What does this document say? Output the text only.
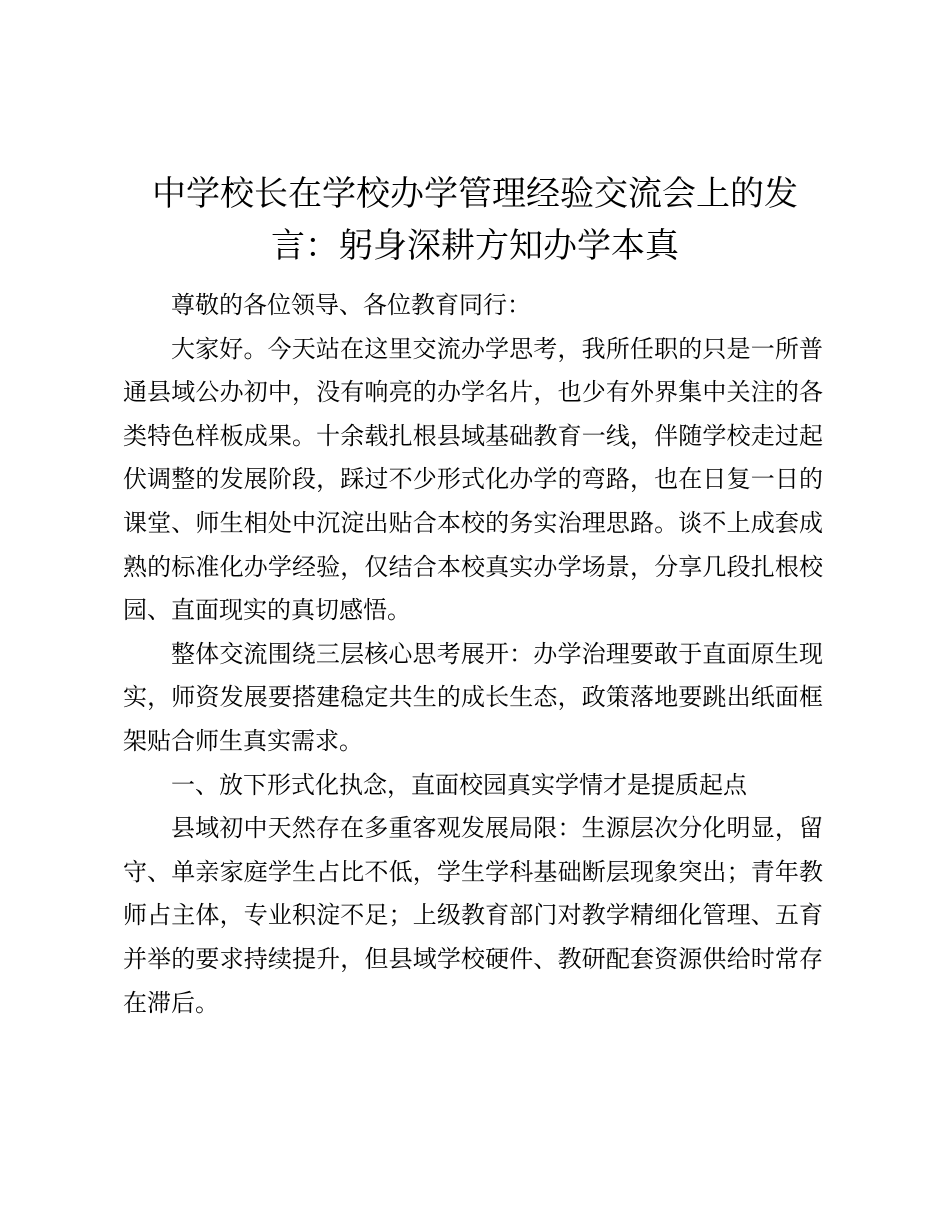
中学校长在学校办学管理经验交流会上的发言：躬身深耕方知办学本真

尊敬的各位领导、各位教育同行：

大家好。今天站在这里交流办学思考，我所任职的只是一所普通县域公办初中，没有响亮的办学名片，也少有外界集中关注的各类特色样板成果。十余载扎根县域基础教育一线，伴随学校走过起伏调整的发展阶段，踩过不少形式化办学的弯路，也在日复一日的课堂、师生相处中沉淀出贴合本校的务实治理思路。谈不上成套成熟的标准化办学经验，仅结合本校真实办学场景，分享几段扎根校园、直面现实的真切感悟。

整体交流围绕三层核心思考展开：办学治理要敢于直面原生现实，师资发展要搭建稳定共生的成长生态，政策落地要跳出纸面框架贴合师生真实需求。

一、放下形式化执念，直面校园真实学情才是提质起点

县域初中天然存在多重客观发展局限：生源层次分化明显，留守、单亲家庭学生占比不低，学生学科基础断层现象突出；青年教师占主体，专业积淀不足；上级教育部门对教学精细化管理、五育并举的要求持续提升，但县域学校硬件、教研配套资源供给时常存在滞后。
